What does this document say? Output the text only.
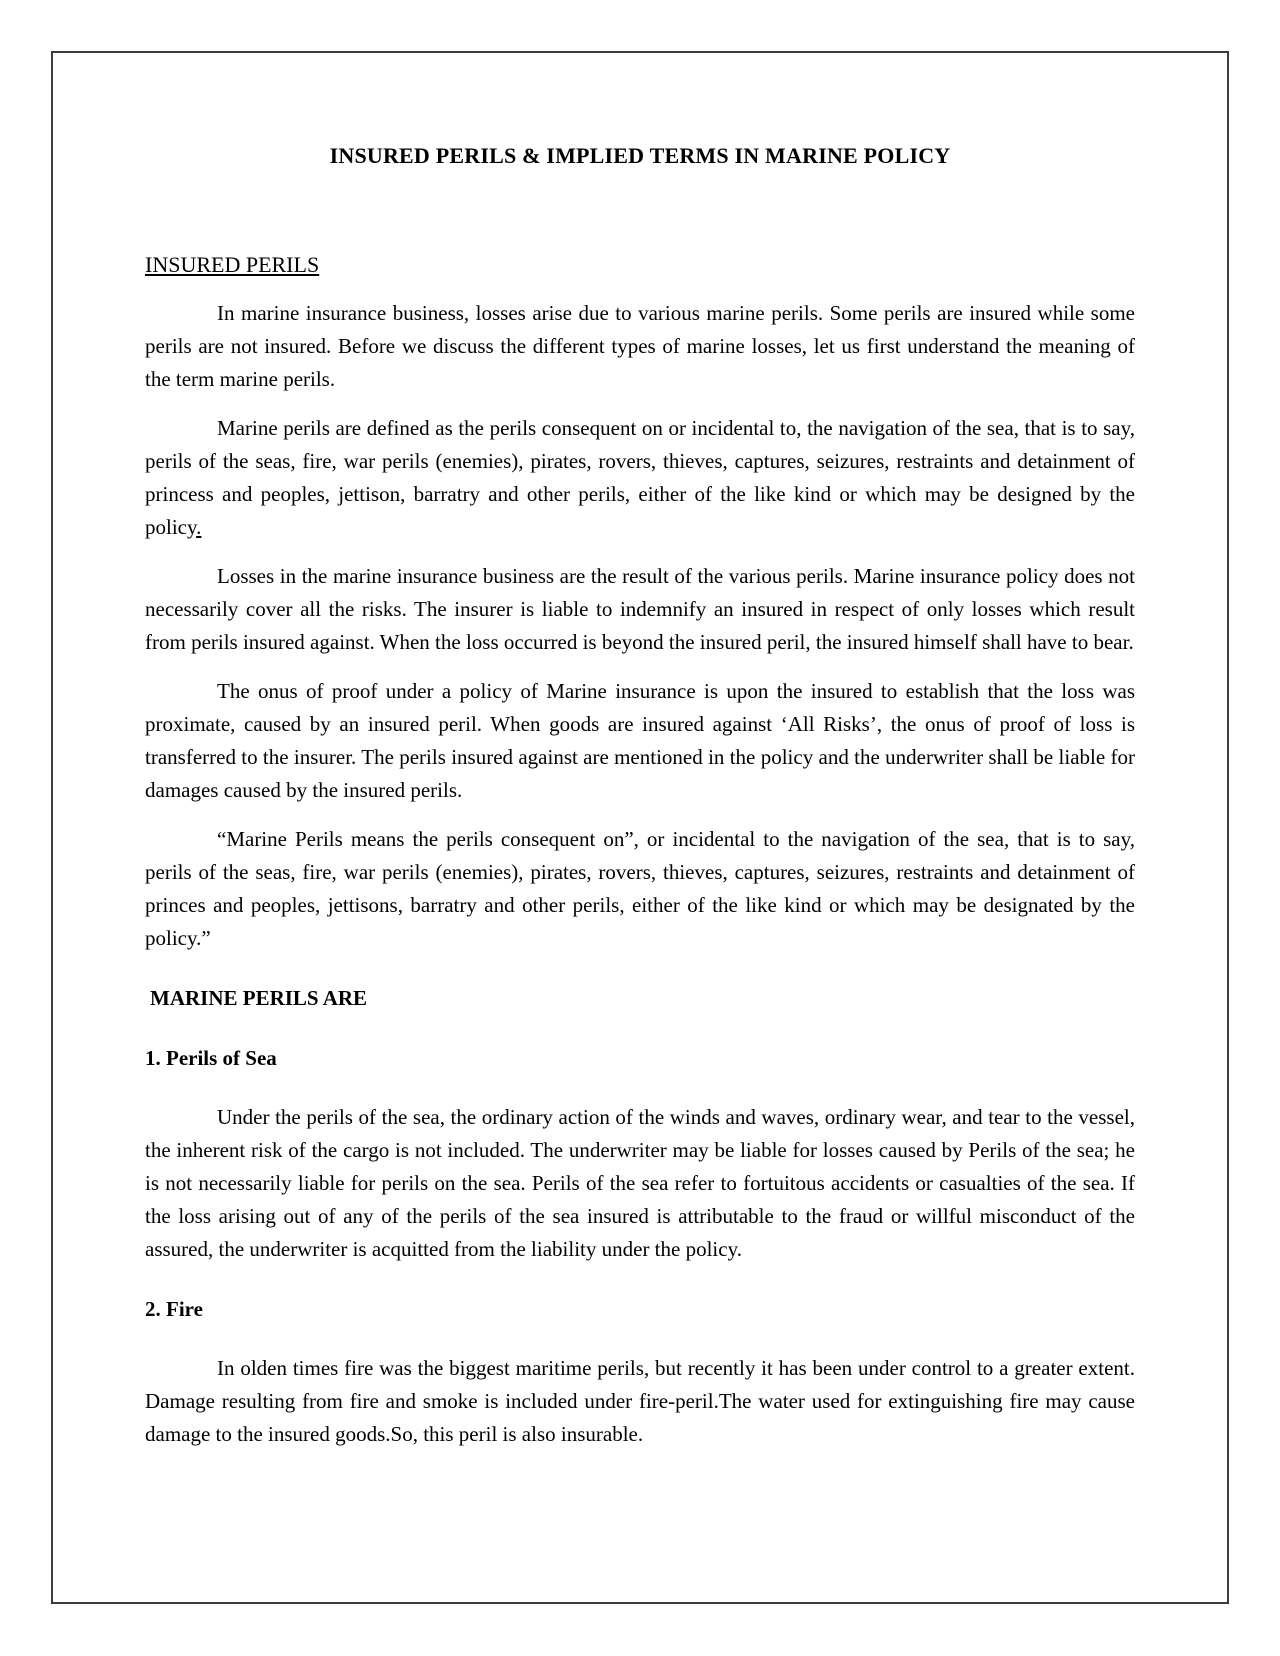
INSURED PERILS & IMPLIED TERMS IN MARINE POLICY
INSURED PERILS

In marine insurance business, losses arise due to various marine perils. Some perils are insured while some perils are not insured. Before we discuss the different types of marine losses, let us first understand the meaning of the term marine perils.

Marine perils are defined as the perils consequent on or incidental to, the navigation of the sea, that is to say, perils of the seas, fire, war perils (enemies), pirates, rovers, thieves, captures, seizures, restraints and detainment of princess and peoples, jettison, barratry and other perils, either of the like kind or which may be designed by the policy.

Losses in the marine insurance business are the result of the various perils. Marine insurance policy does not necessarily cover all the risks. The insurer is liable to indemnify an insured in respect of only losses which result from perils insured against. When the loss occurred is beyond the insured peril, the insured himself shall have to bear.

The onus of proof under a policy of Marine insurance is upon the insured to establish that the loss was proximate, caused by an insured peril. When goods are insured against ‘All Risks’, the onus of proof of loss is transferred to the insurer. The perils insured against are mentioned in the policy and the underwriter shall be liable for damages caused by the insured perils.

“Marine Perils means the perils consequent on”, or incidental to the navigation of the sea, that is to say, perils of the seas, fire, war perils (enemies), pirates, rovers, thieves, captures, seizures, restraints and detainment of princes and peoples, jettisons, barratry and other perils, either of the like kind or which may be designated by the policy.”

MARINE PERILS ARE
1. Perils of Sea

Under the perils of the sea, the ordinary action of the winds and waves, ordinary wear, and tear to the vessel, the inherent risk of the cargo is not included. The underwriter may be liable for losses caused by Perils of the sea; he is not necessarily liable for perils on the sea. Perils of the sea refer to fortuitous accidents or casualties of the sea. If the loss arising out of any of the perils of the sea insured is attributable to the fraud or willful misconduct of the assured, the underwriter is acquitted from the liability under the policy.

2. Fire

In olden times fire was the biggest maritime perils, but recently it has been under control to a greater extent. Damage resulting from fire and smoke is included under fire-peril.The water used for extinguishing fire may cause damage to the insured goods.So, this peril is also insurable.
